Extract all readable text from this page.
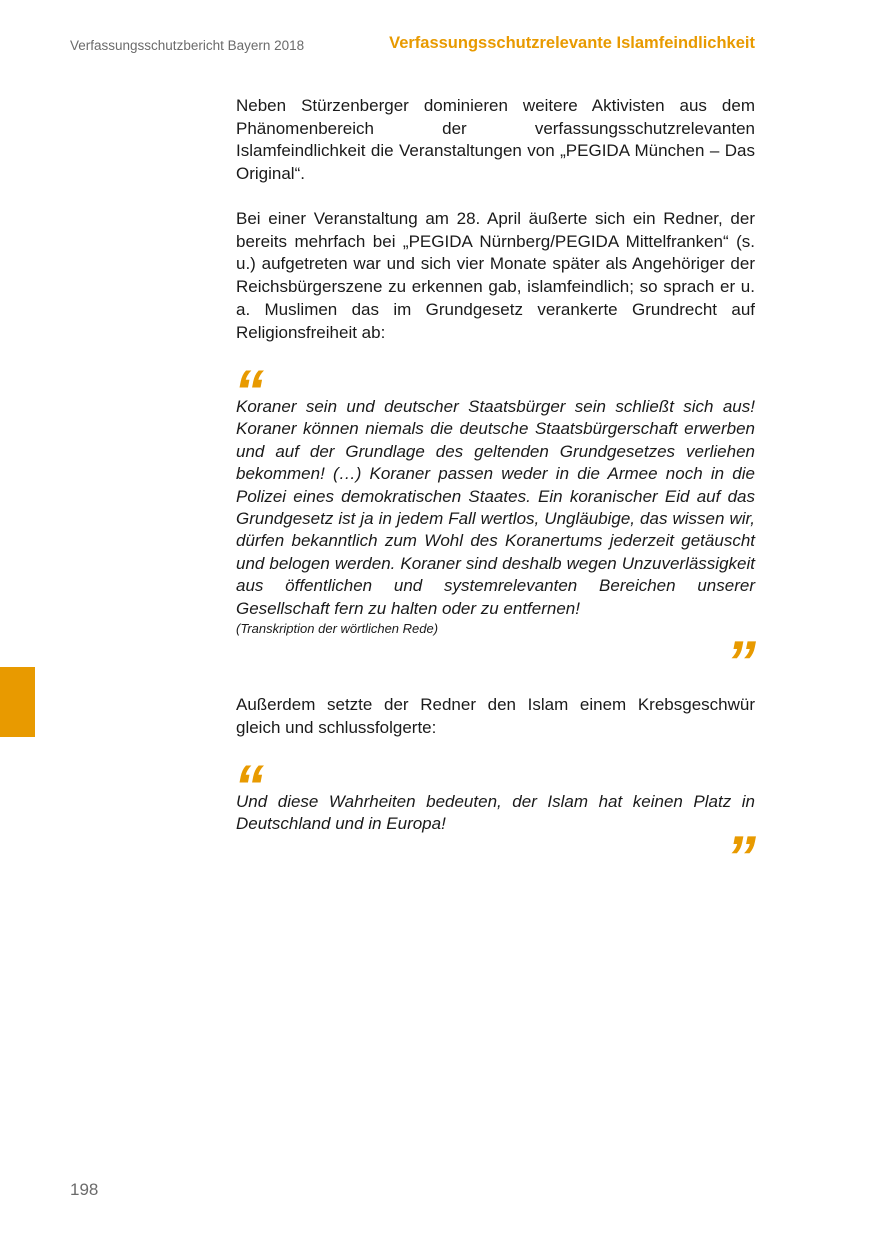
Verfassungsschutzbericht Bayern 2018	Verfassungsschutzrelevante Islamfeindlichkeit

Neben Stürzenberger dominieren weitere Aktivisten aus dem Phänomenbereich der verfassungsschutzrelevanten Islamfeindlichkeit die Veranstaltungen von „PEGIDA München – Das Original“.

Bei einer Veranstaltung am 28. April äußerte sich ein Redner, der bereits mehrfach bei „PEGIDA Nürnberg/PEGIDA Mittelfranken“ (s. u.) aufgetreten war und sich vier Monate später als Angehöriger der Reichsbürgerszene zu erkennen gab, islamfeindlich; so sprach er u. a. Muslimen das im Grundgesetz verankerte Grundrecht auf Religionsfreiheit ab:

“

Koraner sein und deutscher Staatsbürger sein schließt sich aus! Koraner können niemals die deutsche Staatsbürgerschaft erwerben und auf der Grundlage des geltenden Grundgesetzes verliehen bekommen! (…) Koraner passen weder in die Armee noch in die Polizei eines demokratischen Staates. Ein koranischer Eid auf das Grundgesetz ist ja in jedem Fall wertlos, Ungläubige, das wissen wir, dürfen bekanntlich zum Wohl des Koranertums jederzeit getäuscht und belogen werden. Koraner sind deshalb wegen Unzuverlässigkeit aus öffentlichen und systemrelevanten Bereichen unserer Gesellschaft fern zu halten oder zu entfernen!

(Transkription der wörtlichen Rede)

”

Außerdem setzte der Redner den Islam einem Krebsgeschwür gleich und schlussfolgerte:

“

Und diese Wahrheiten bedeuten, der Islam hat keinen Platz in Deutschland und in Europa!

”
198
